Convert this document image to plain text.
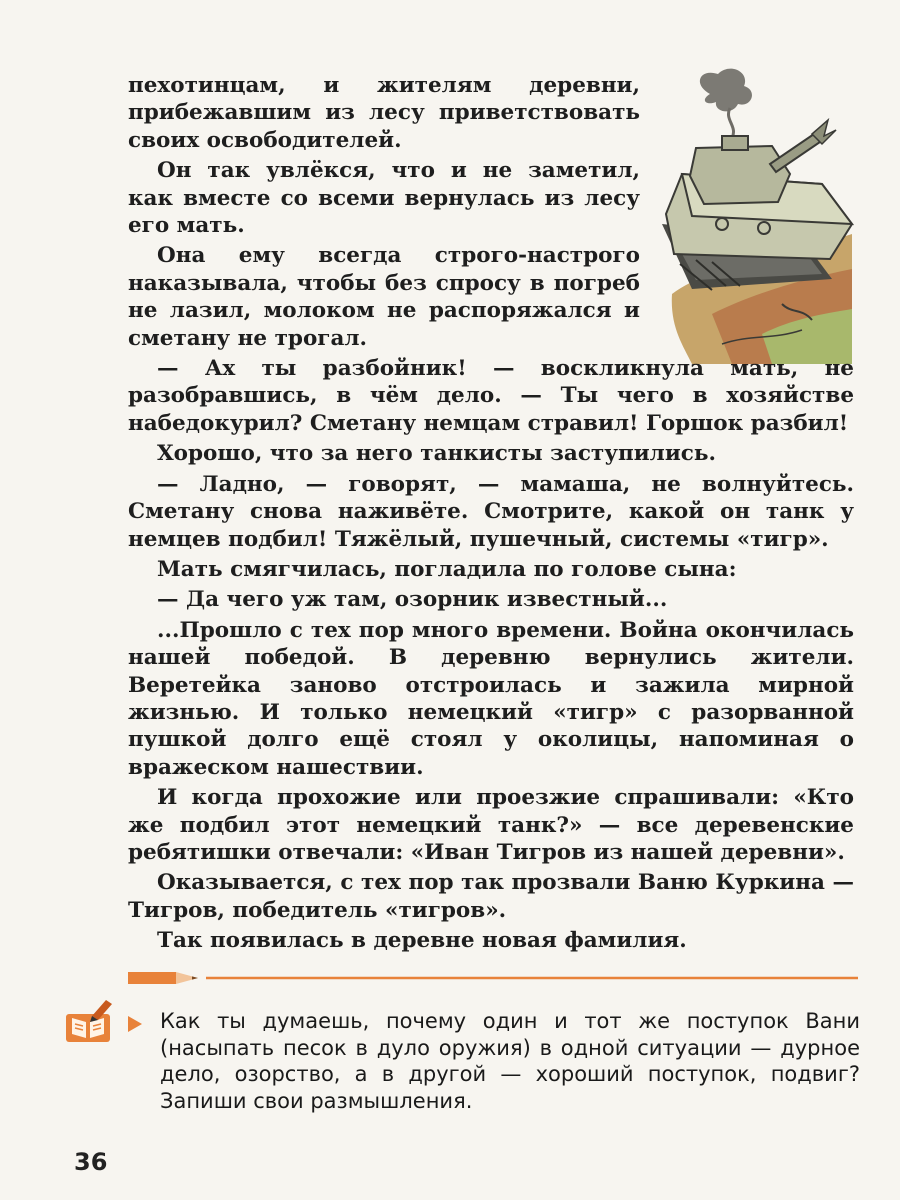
пехотинцам, и жителям деревни, прибежавшим из лесу приветствовать своих освободителей.

Он так увлёкся, что и не заметил, как вместе со всеми вернулась из лесу его мать.

Она ему всегда строго-настрого наказывала, чтобы без спросу в погреб не лазил, молоком не распоряжался и сметану не трогал.

— Ах ты разбойник! — воскликнула мать, не разобравшись, в чём дело. — Ты чего в хозяйстве набедокурил? Сметану немцам стравил! Горшок разбил!

Хорошо, что за него танкисты заступились.

— Ладно, — говорят, — мамаша, не волнуйтесь. Сметану снова наживёте. Смотрите, какой он танк у немцев подбил! Тяжёлый, пушечный, системы «тигр».

Мать смягчилась, погладила по голове сына:

— Да чего уж там, озорник известный...

...Прошло с тех пор много времени. Война окончилась нашей победой. В деревню вернулись жители. Веретейка заново отстроилась и зажила мирной жизнью. И только немецкий «тигр» с разорванной пушкой долго ещё стоял у околицы, напоминая о вражеском нашествии.

И когда прохожие или проезжие спрашивали: «Кто же подбил этот немецкий танк?» — все деревенские ребятишки отвечали: «Иван Тигров из нашей деревни».

Оказывается, с тех пор так прозвали Ваню Куркина — Тигров, победитель «тигров».

Так появилась в деревне новая фамилия.

Как ты думаешь, почему один и тот же поступок Вани (насыпать песок в дуло оружия) в одной ситуации — дурное дело, озорство, а в другой — хороший поступок, подвиг? Запиши свои размышления.
36
